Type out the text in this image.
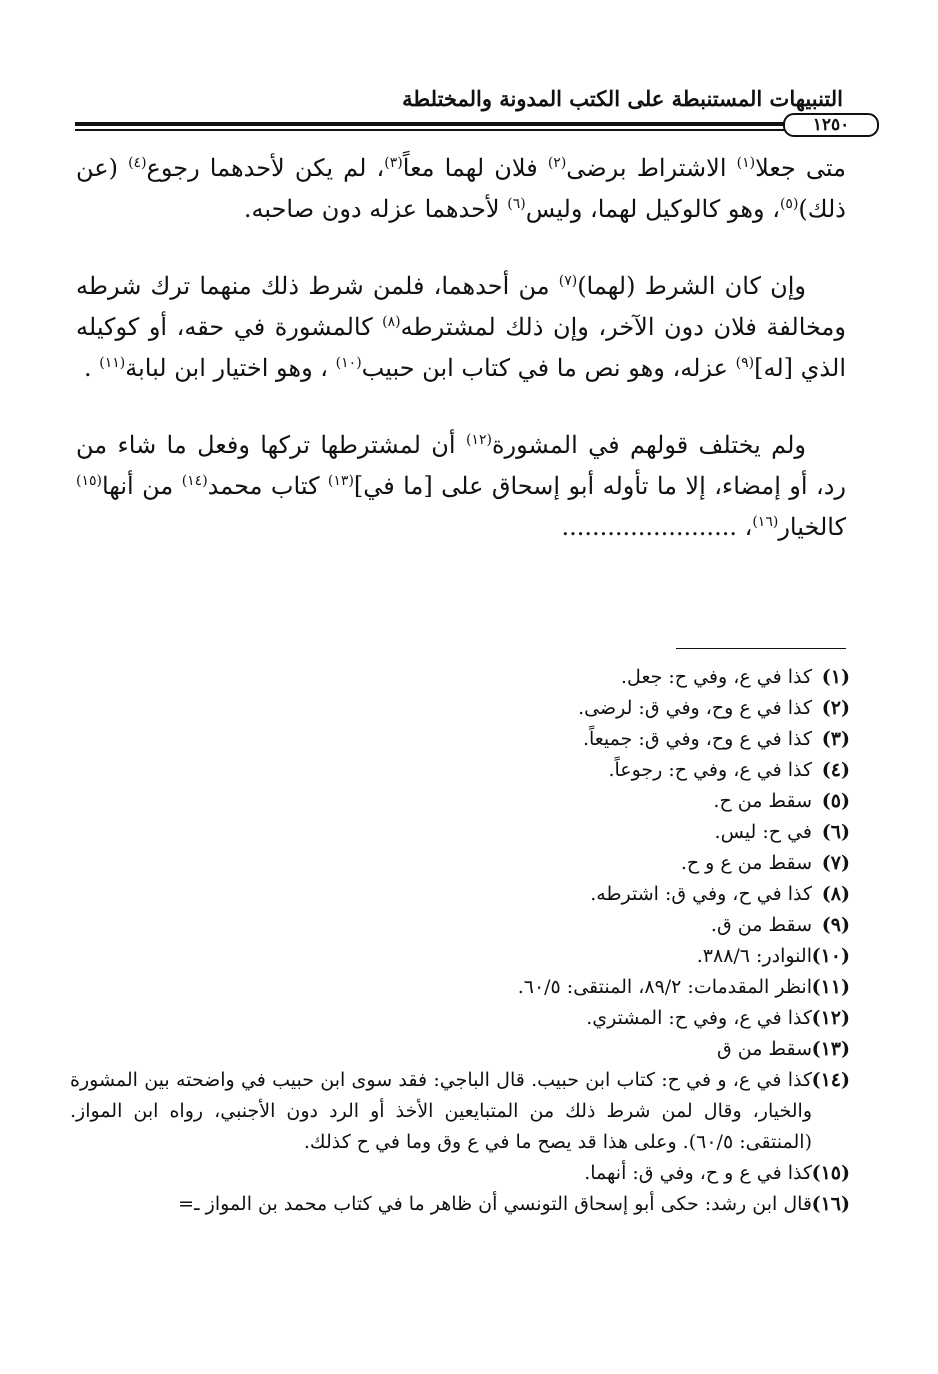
التنبيهات المستنبطة على الكتب المدونة والمختلطة
١٢٥٠

متى جعلا$^{(١)}$ الاشتراط برضى$^{(٢)}$ فلان لهما معاً$^{(٣)}$، لم يكن لأحدهما رجوع$^{(٤)}$ (عن ذلك)$^{(٥)}$، وهو كالوكيل لهما، وليس$^{(٦)}$ لأحدهما عزله دون صاحبه.

وإن كان الشرط (لهما)$^{(٧)}$ من أحدهما، فلمن شرط ذلك منهما ترك شرطه ومخالفة فلان دون الآخر، وإن ذلك لمشترطه$^{(٨)}$ كالمشورة في حقه، أو كوكيله الذي [له]$^{(٩)}$ عزله، وهو نص ما في كتاب ابن حبيب$^{(١٠)}$ ، وهو اختيار ابن لبابة$^{(١١)}$ .

ولم يختلف قولهم في المشورة$^{(١٢)}$ أن لمشترطها تركها وفعل ما شاء من رد، أو إمضاء، إلا ما تأوله أبو إسحاق على [ما في]$^{(١٣)}$ كتاب محمد$^{(١٤)}$ من أنها$^{(١٥)}$ كالخيار$^{(١٦)}$، .......................

(١)
كذا في ع، وفي ح: جعل.
(٢)
كذا في ع وح، وفي ق: لرضى.
(٣)
كذا في ع وح، وفي ق: جميعاً.
(٤)
كذا في ع، وفي ح: رجوعاً.
(٥)
سقط من ح.
(٦)
في ح: ليس.
(٧)
سقط من ع و ح.
(٨)
كذا في ح، وفي ق: اشترطه.
(٩)
سقط من ق.
(١٠)
النوادر: ٣٨٨/٦.
(١١)
انظر المقدمات: ٨٩/٢، المنتقى: ٦٠/٥.
(١٢)
كذا في ع، وفي ح: المشتري.
(١٣)
سقط من ق
(١٤)
كذا في ع، و في ح: كتاب ابن حبيب. قال الباجي: فقد سوى ابن حبيب في واضحته بين المشورة والخيار، وقال لمن شرط ذلك من المتبايعين الأخذ أو الرد دون الأجنبي، رواه ابن المواز. (المنتقى: ٦٠/٥). وعلى هذا قد يصح ما في ع وق وما في ح كذلك.
(١٥)
كذا في ع و ح، وفي ق: أنهما.
(١٦)
قال ابن رشد: حكى أبو إسحاق التونسي أن ظاهر ما في كتاب محمد بن المواز ـ=
